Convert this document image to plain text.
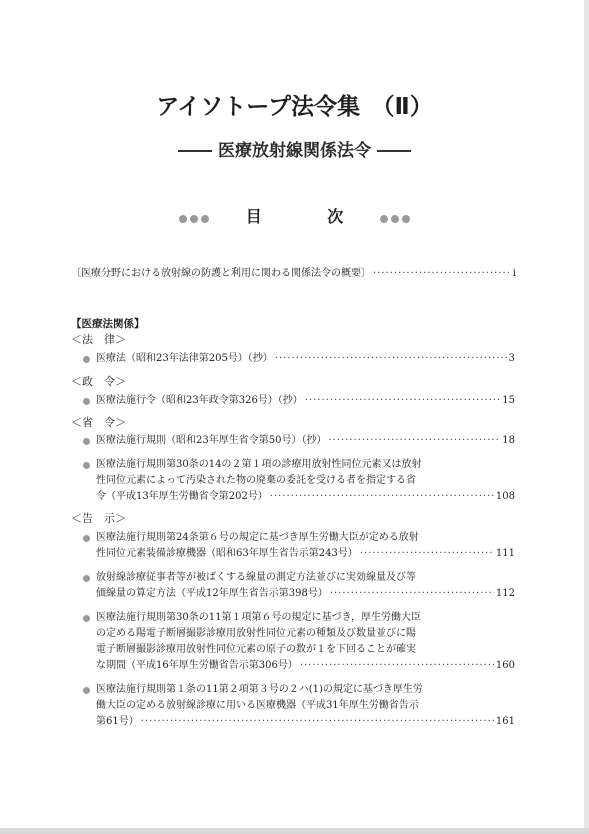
アイソトープ法令集　（Ⅱ）
医療放射線関係法令
目	次
〔医療分野における放射線の防護と利用に関わる関係法令の概要〕 ·····	i
【医療法関係】
＜法　律＞
医療法（昭和23年法律第205号）（抄） ·····	3
＜政　令＞
医療法施行令（昭和23年政令第326号）（抄） ·····	15
＜省　令＞
医療法施行規則（昭和23年厚生省令第50号）（抄） ·····	18
医療法施行規則第30条の14の２第１項の診療用放射性同位元素又は放射
性同位元素によって汚染された物の廃棄の委託を受ける者を指定する省
令（平成13年厚生労働省令第202号） ·····	108
＜告　示＞
医療法施行規則第24条第６号の規定に基づき厚生労働大臣が定める放射
性同位元素装備診療機器（昭和63年厚生省告示第243号） ·····	111
放射線診療従事者等が被ばくする線量の測定方法並びに実効線量及び等
価線量の算定方法（平成12年厚生省告示第398号） ·····	112
医療法施行規則第30条の11第１項第６号の規定に基づき，厚生労働大臣
の定める陽電子断層撮影診療用放射性同位元素の種類及び数量並びに陽
電子断層撮影診療用放射性同位元素の原子の数が１を下回ることが確実
な期間（平成16年厚生労働省告示第306号） ·····	160
医療法施行規則第１条の11第２項第３号の２ハ(1)の規定に基づき厚生労
働大臣の定める放射線診療に用いる医療機器（平成31年厚生労働省告示
第61号） ·····	161
